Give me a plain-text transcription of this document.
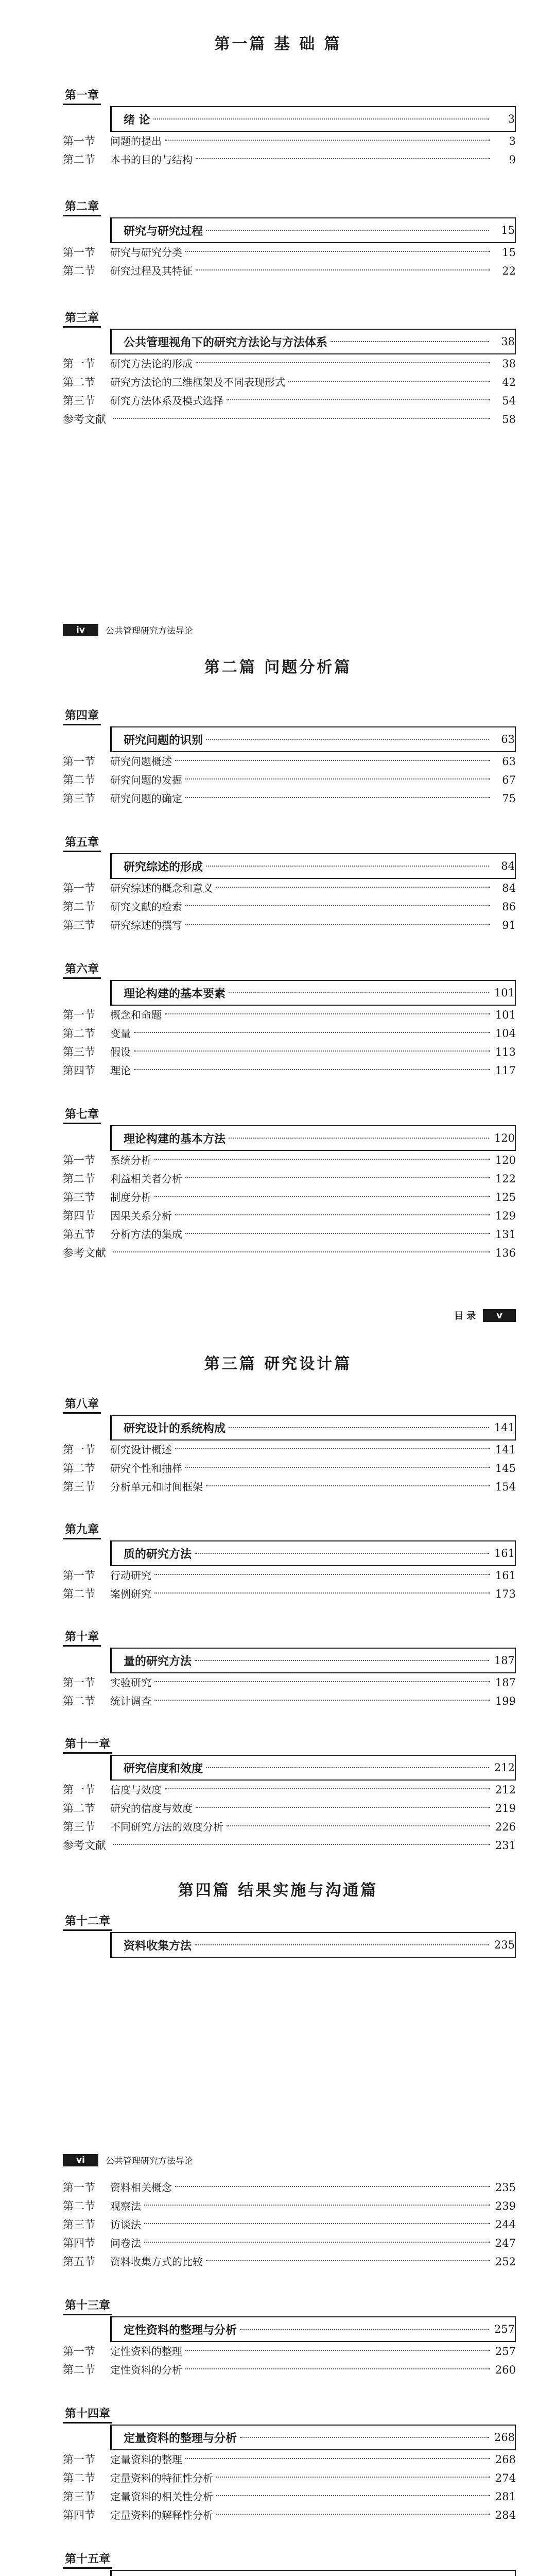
第一篇 基 础 篇
第一章
绪 论	3
第一节	问题的提出	3
第二节	本书的目的与结构	9
第二章
研究与研究过程	15
第一节	研究与研究分类	15
第二节	研究过程及其特征	22
第三章
公共管理视角下的研究方法论与方法体系	38
第一节	研究方法论的形成	38
第二节	研究方法论的三维框架及不同表现形式	42
第三节	研究方法体系及模式选择	54
参考文献	58
iv	公共管理研究方法导论
第二篇 问题分析篇
第四章
研究问题的识别	63
第一节	研究问题概述	63
第二节	研究问题的发掘	67
第三节	研究问题的确定	75
第五章
研究综述的形成	84
第一节	研究综述的概念和意义	84
第二节	研究文献的检索	86
第三节	研究综述的撰写	91
第六章
理论构建的基本要素	101
第一节	概念和命题	101
第二节	变量	104
第三节	假设	113
第四节	理论	117
第七章
理论构建的基本方法	120
第一节	系统分析	120
第二节	利益相关者分析	122
第三节	制度分析	125
第四节	因果关系分析	129
第五节	分析方法的集成	131
参考文献	136
目 录	v
第三篇 研究设计篇
第八章
研究设计的系统构成	141
第一节	研究设计概述	141
第二节	研究个性和抽样	145
第三节	分析单元和时间框架	154
第九章
质的研究方法	161
第一节	行动研究	161
第二节	案例研究	173
第十章
量的研究方法	187
第一节	实验研究	187
第二节	统计调查	199
第十一章
研究信度和效度	212
第一节	信度与效度	212
第二节	研究的信度与效度	219
第三节	不同研究方法的效度分析	226
参考文献	231
第四篇 结果实施与沟通篇
第十二章
资料收集方法	235
vi	公共管理研究方法导论
第一节	资料相关概念	235
第二节	观察法	239
第三节	访谈法	244
第四节	问卷法	247
第五节	资料收集方式的比较	252
第十三章
定性资料的整理与分析	257
第一节	定性资料的整理	257
第二节	定性资料的分析	260
第十四章
定量资料的整理与分析	268
第一节	定量资料的整理	268
第二节	定量资料的特征性分析	274
第三节	定量资料的相关性分析	281
第四节	定量资料的解释性分析	284
第十五章
